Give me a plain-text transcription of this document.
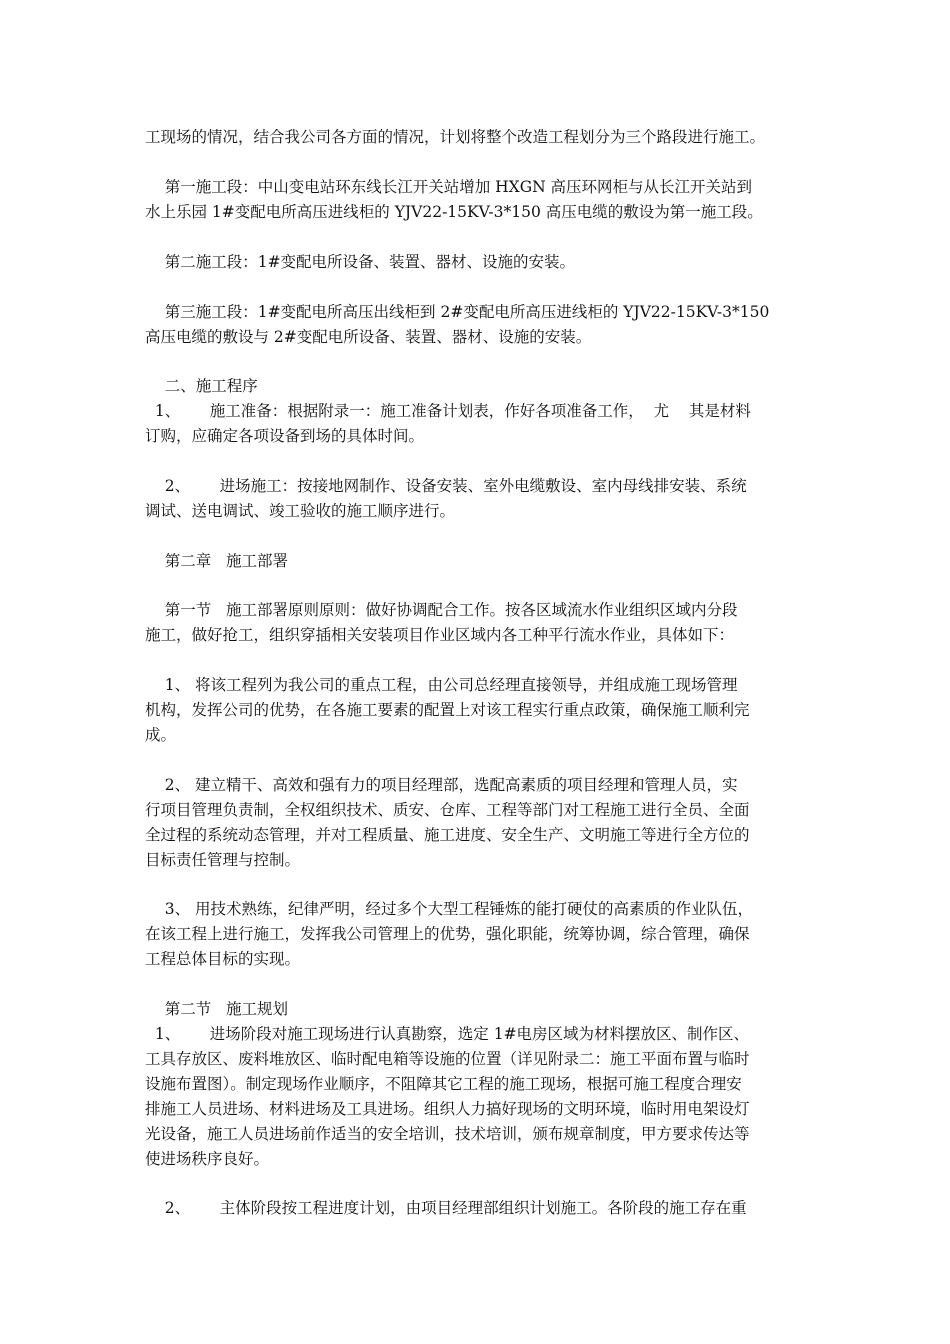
工现场的情况，结合我公司各方面的情况，计划将整个改造工程划分为三个路段进行施工。
第一施工段：中山变电站环东线长江开关站增加 HXGN 高压环网柜与从长江开关站到
水上乐园 1#变配电所高压进线柜的 YJV22-15KV-3*150 高压电缆的敷设为第一施工段。
第二施工段：1#变配电所设备、装置、器材、设施的安装。
第三施工段：1#变配电所高压出线柜到 2#变配电所高压进线柜的 YJV22-15KV-3*150
高压电缆的敷设与 2#变配电所设备、装置、器材、设施的安装。
二、施工程序
1、      施工准备：根据附录一：施工准备计划表，作好各项准备工作，  尤    其是材料
订购，应确定各项设备到场的具体时间。
2、      进场施工：按接地网制作、设备安装、室外电缆敷设、室内母线排安装、系统
调试、送电调试、竣工验收的施工顺序进行。
第二章   施工部署
第一节   施工部署原则原则：做好协调配合工作。按各区域流水作业组织区域内分段
施工，做好抢工，组织穿插相关安装项目作业区域内各工种平行流水作业，具体如下：
1、 将该工程列为我公司的重点工程，由公司总经理直接领导，并组成施工现场管理
机构，发挥公司的优势，在各施工要素的配置上对该工程实行重点政策，确保施工顺利完
成。
2、 建立精干、高效和强有力的项目经理部，选配高素质的项目经理和管理人员，实
行项目管理负责制，全权组织技术、质安、仓库、工程等部门对工程施工进行全员、全面
全过程的系统动态管理，并对工程质量、施工进度、安全生产、文明施工等进行全方位的
目标责任管理与控制。
3、 用技术熟练，纪律严明，经过多个大型工程锤炼的能打硬仗的高素质的作业队伍，
在该工程上进行施工，发挥我公司管理上的优势，强化职能，统筹协调，综合管理，确保
工程总体目标的实现。
第二节   施工规划
1、      进场阶段对施工现场进行认真勘察，选定 1#电房区域为材料摆放区、制作区、
工具存放区、废料堆放区、临时配电箱等设施的位置（详见附录二：施工平面布置与临时
设施布置图）。制定现场作业顺序，不阻障其它工程的施工现场，根据可施工程度合理安
排施工人员进场、材料进场及工具进场。组织人力搞好现场的文明环境，临时用电架设灯
光设备，施工人员进场前作适当的安全培训，技术培训，颁布规章制度，甲方要求传达等
使进场秩序良好。
2、      主体阶段按工程进度计划，由项目经理部组织计划施工。各阶段的施工存在重
